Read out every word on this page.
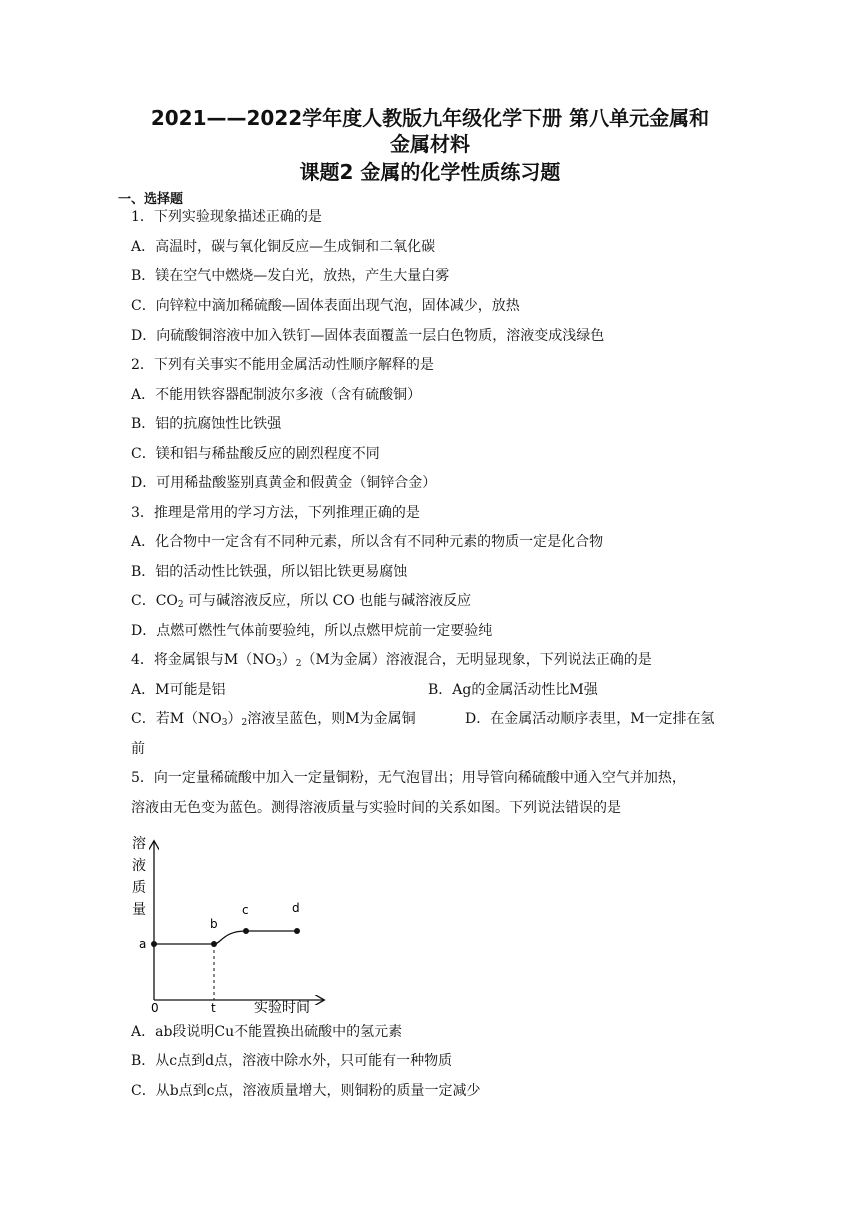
2021——2022学年度人教版九年级化学下册 第八单元金属和
金属材料
课题2 金属的化学性质练习题
一、选择题
1．下列实验现象描述正确的是
A．高温时，碳与氧化铜反应—生成铜和二氧化碳
B．镁在空气中燃烧—发白光，放热，产生大量白雾
C．向锌粒中滴加稀硫酸—固体表面出现气泡，固体减少，放热
D．向硫酸铜溶液中加入铁钉—固体表面覆盖一层白色物质，溶液变成浅绿色
2．下列有关事实不能用金属活动性顺序解释的是
A．不能用铁容器配制波尔多液（含有硫酸铜）
B．铝的抗腐蚀性比铁强
C．镁和铝与稀盐酸反应的剧烈程度不同
D．可用稀盐酸鉴别真黄金和假黄金（铜锌合金）
3．推理是常用的学习方法，下列推理正确的是
A．化合物中一定含有不同种元素，所以含有不同种元素的物质一定是化合物
B．铝的活动性比铁强，所以铝比铁更易腐蚀
C．$CO_2$ 可与碱溶液反应，所以 CO 也能与碱溶液反应
D．点燃可燃性气体前要验纯，所以点燃甲烷前一定要验纯
4．将金属银与$M(NO_3)_2(M$为金属）溶液混合，无明显现象，下列说法正确的是
A．M可能是铝	B．Ag的金属活动性比M强
C．若$M(NO_3)_2$溶液呈蓝色，则M为金属铜	D．在金属活动顺序表里，M一定排在氢
前
5．向一定量稀硫酸中加入一定量铜粉，无气泡冒出；用导管向稀硫酸中通入空气并加热，
溶液由无色变为蓝色。测得溶液质量与实验时间的关系如图。下列说法错误的是
溶
液
质
量
实验时间
0	t
a
b
c	d
A．ab段说明Cu不能置换出硫酸中的氢元素
B．从c点到d点，溶液中除水外，只可能有一种物质
C．从b点到c点，溶液质量增大，则铜粉的质量一定减少
